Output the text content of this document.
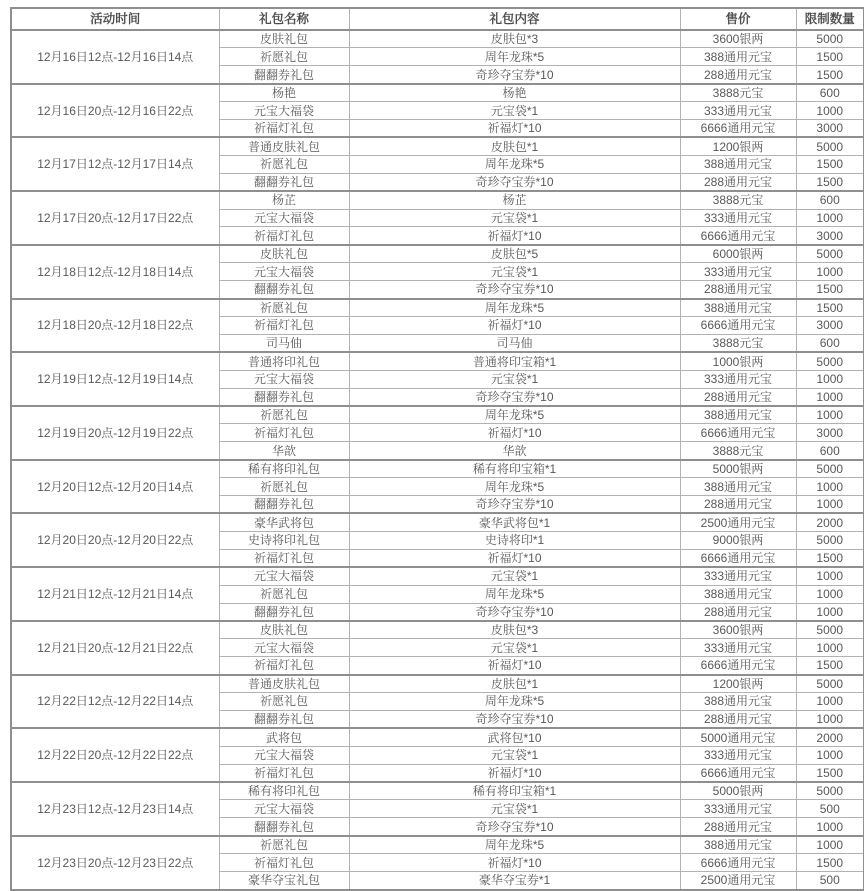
活动时间	礼包名称	礼包内容	售价	限制数量
12月16日12点-12月16日14点	皮肤礼包	皮肤包*3	3600银两	5000
	祈愿礼包	周年龙珠*5	388通用元宝	1500
	翻翻券礼包	奇珍夺宝券*10	288通用元宝	1500
12月16日20点-12月16日22点	杨艳	杨艳	3888元宝	600
	元宝大福袋	元宝袋*1	333通用元宝	1000
	祈福灯礼包	祈福灯*10	6666通用元宝	3000
12月17日12点-12月17日14点	普通皮肤礼包	皮肤包*1	1200银两	5000
	祈愿礼包	周年龙珠*5	388通用元宝	1500
	翻翻券礼包	奇珍夺宝券*10	288通用元宝	1500
12月17日20点-12月17日22点	杨芷	杨芷	3888元宝	600
	元宝大福袋	元宝袋*1	333通用元宝	1000
	祈福灯礼包	祈福灯*10	6666通用元宝	3000
12月18日12点-12月18日14点	皮肤礼包	皮肤包*5	6000银两	5000
	元宝大福袋	元宝袋*1	333通用元宝	1000
	翻翻券礼包	奇珍夺宝券*10	288通用元宝	1500
12月18日20点-12月18日22点	祈愿礼包	周年龙珠*5	388通用元宝	1500
	祈福灯礼包	祈福灯*10	6666通用元宝	3000
	司马伷	司马伷	3888元宝	600
12月19日12点-12月19日14点	普通将印礼包	普通将印宝箱*1	1000银两	5000
	元宝大福袋	元宝袋*1	333通用元宝	1000
	翻翻券礼包	奇珍夺宝券*10	288通用元宝	1000
12月19日20点-12月19日22点	祈愿礼包	周年龙珠*5	388通用元宝	1000
	祈福灯礼包	祈福灯*10	6666通用元宝	3000
	华歆	华歆	3888元宝	600
12月20日12点-12月20日14点	稀有将印礼包	稀有将印宝箱*1	5000银两	5000
	祈愿礼包	周年龙珠*5	388通用元宝	1000
	翻翻券礼包	奇珍夺宝券*10	288通用元宝	1000
12月20日20点-12月20日22点	豪华武将包	豪华武将包*1	2500通用元宝	2000
	史诗将印礼包	史诗将印*1	9000银两	5000
	祈福灯礼包	祈福灯*10	6666通用元宝	1500
12月21日12点-12月21日14点	元宝大福袋	元宝袋*1	333通用元宝	1000
	祈愿礼包	周年龙珠*5	388通用元宝	1000
	翻翻券礼包	奇珍夺宝券*10	288通用元宝	1000
12月21日20点-12月21日22点	皮肤礼包	皮肤包*3	3600银两	5000
	元宝大福袋	元宝袋*1	333通用元宝	1000
	祈福灯礼包	祈福灯*10	6666通用元宝	1500
12月22日12点-12月22日14点	普通皮肤礼包	皮肤包*1	1200银两	5000
	祈愿礼包	周年龙珠*5	388通用元宝	1000
	翻翻券礼包	奇珍夺宝券*10	288通用元宝	1000
12月22日20点-12月22日22点	武将包	武将包*10	5000通用元宝	2000
	元宝大福袋	元宝袋*1	333通用元宝	1000
	祈福灯礼包	祈福灯*10	6666通用元宝	1500
12月23日12点-12月23日14点	稀有将印礼包	稀有将印宝箱*1	5000银两	5000
	元宝大福袋	元宝袋*1	333通用元宝	500
	翻翻券礼包	奇珍夺宝券*10	288通用元宝	1000
12月23日20点-12月23日22点	祈愿礼包	周年龙珠*5	388通用元宝	1000
	祈福灯礼包	祈福灯*10	6666通用元宝	1500
	豪华夺宝礼包	豪华夺宝券*1	2500通用元宝	500
